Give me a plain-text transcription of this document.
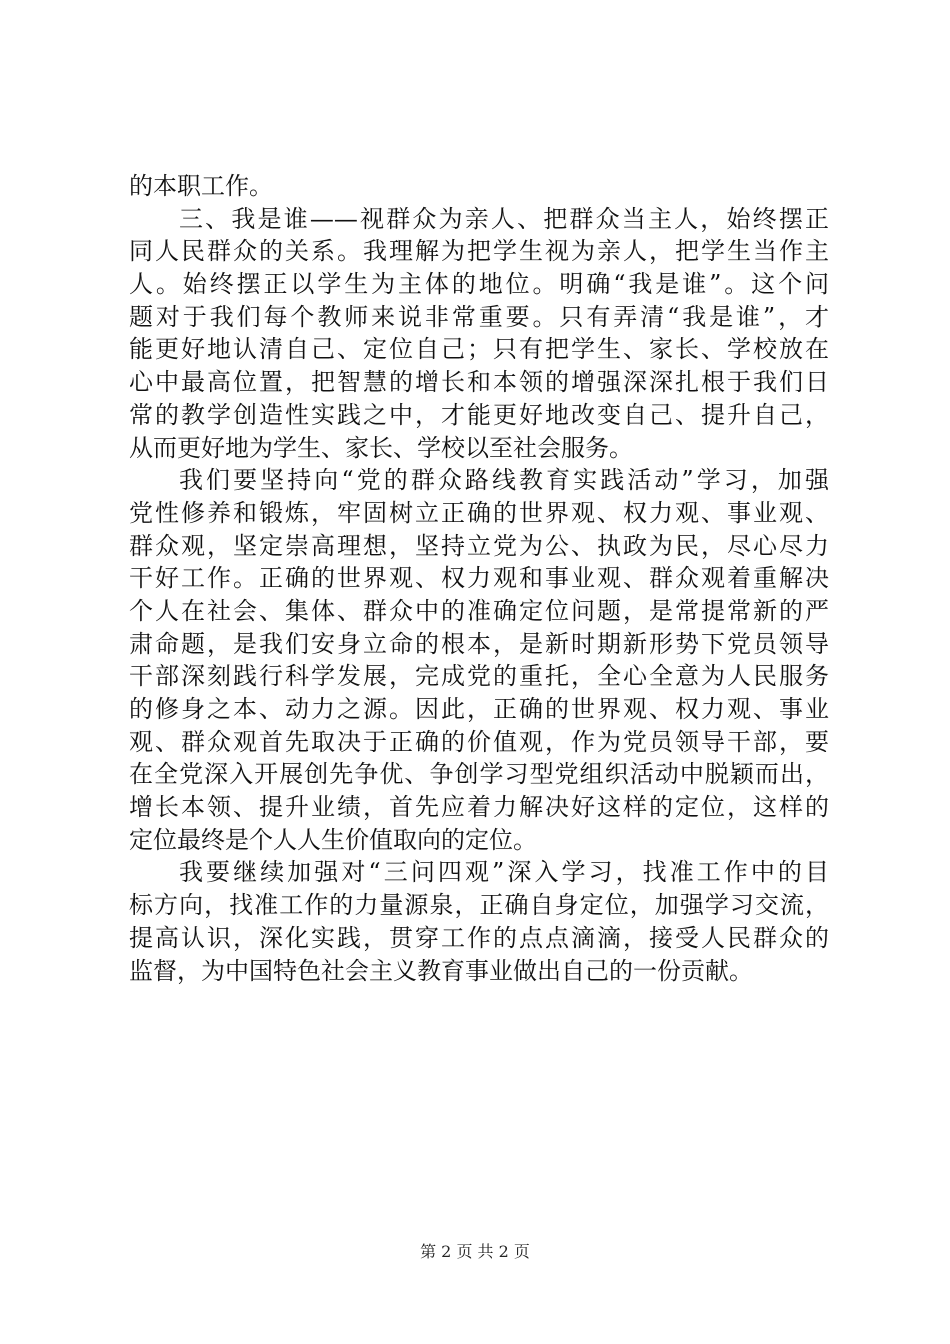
的本职工作。
三、我是谁——视群众为亲人、把群众当主人，始终摆正
同人民群众的关系。我理解为把学生视为亲人，把学生当作主
人。始终摆正以学生为主体的地位。明确“我是谁”。这个问
题对于我们每个教师来说非常重要。只有弄清“我是谁”，才
能更好地认清自己、定位自己；只有把学生、家长、学校放在
心中最高位置，把智慧的增长和本领的增强深深扎根于我们日
常的教学创造性实践之中，才能更好地改变自己、提升自己，
从而更好地为学生、家长、学校以至社会服务。
我们要坚持向“党的群众路线教育实践活动”学习，加强
党性修养和锻炼，牢固树立正确的世界观、权力观、事业观、
群众观，坚定崇高理想，坚持立党为公、执政为民，尽心尽力
干好工作。正确的世界观、权力观和事业观、群众观着重解决
个人在社会、集体、群众中的准确定位问题，是常提常新的严
肃命题，是我们安身立命的根本，是新时期新形势下党员领导
干部深刻践行科学发展，完成党的重托，全心全意为人民服务
的修身之本、动力之源。因此，正确的世界观、权力观、事业
观、群众观首先取决于正确的价值观，作为党员领导干部，要
在全党深入开展创先争优、争创学习型党组织活动中脱颖而出，
增长本领、提升业绩，首先应着力解决好这样的定位，这样的
定位最终是个人人生价值取向的定位。
我要继续加强对“三问四观”深入学习，找准工作中的目
标方向，找准工作的力量源泉，正确自身定位，加强学习交流，
提高认识，深化实践，贯穿工作的点点滴滴，接受人民群众的
监督，为中国特色社会主义教育事业做出自己的一份贡献。
第 2 页 共 2 页
